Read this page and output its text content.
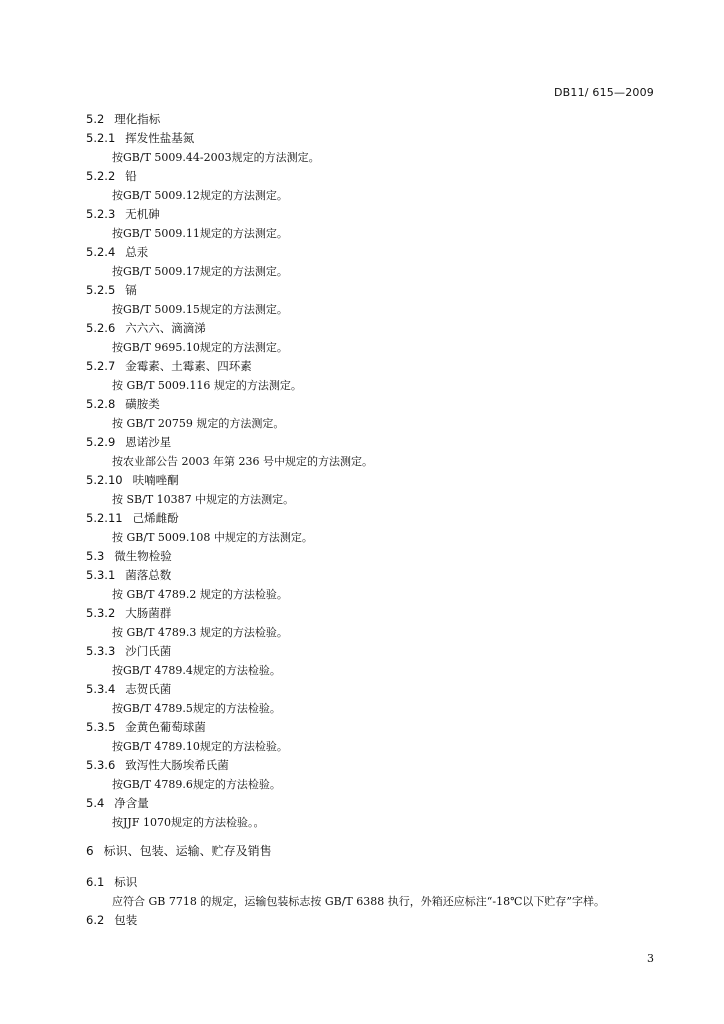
DB11/ 615—2009
5.2 理化指标
5.2.1 挥发性盐基氮
按GB/T 5009.44-2003规定的方法测定。
5.2.2 铅
按GB/T 5009.12规定的方法测定。
5.2.3 无机砷
按GB/T 5009.11规定的方法测定。
5.2.4 总汞
按GB/T 5009.17规定的方法测定。
5.2.5 镉
按GB/T 5009.15规定的方法测定。
5.2.6 六六六、滴滴涕
按GB/T 9695.10规定的方法测定。
5.2.7 金霉素、土霉素、四环素
按 GB/T 5009.116 规定的方法测定。
5.2.8 磺胺类
按 GB/T 20759 规定的方法测定。
5.2.9 恩诺沙星
按农业部公告 2003 年第 236 号中规定的方法测定。
5.2.10 呋喃唑酮
按 SB/T 10387 中规定的方法测定。
5.2.11 己烯雌酚
按 GB/T 5009.108 中规定的方法测定。
5.3 微生物检验
5.3.1 菌落总数
按 GB/T 4789.2 规定的方法检验。
5.3.2 大肠菌群
按 GB/T 4789.3 规定的方法检验。
5.3.3 沙门氏菌
按GB/T 4789.4规定的方法检验。
5.3.4 志贺氏菌
按GB/T 4789.5规定的方法检验。
5.3.5 金黄色葡萄球菌
按GB/T 4789.10规定的方法检验。
5.3.6 致泻性大肠埃希氏菌
按GB/T 4789.6规定的方法检验。
5.4 净含量
按JJF 1070规定的方法检验。。
6 标识、包装、运输、贮存及销售
6.1 标识
应符合 GB 7718 的规定，运输包装标志按 GB/T 6388 执行，外箱还应标注“-18℃以下贮存”字样。
6.2 包装
3
